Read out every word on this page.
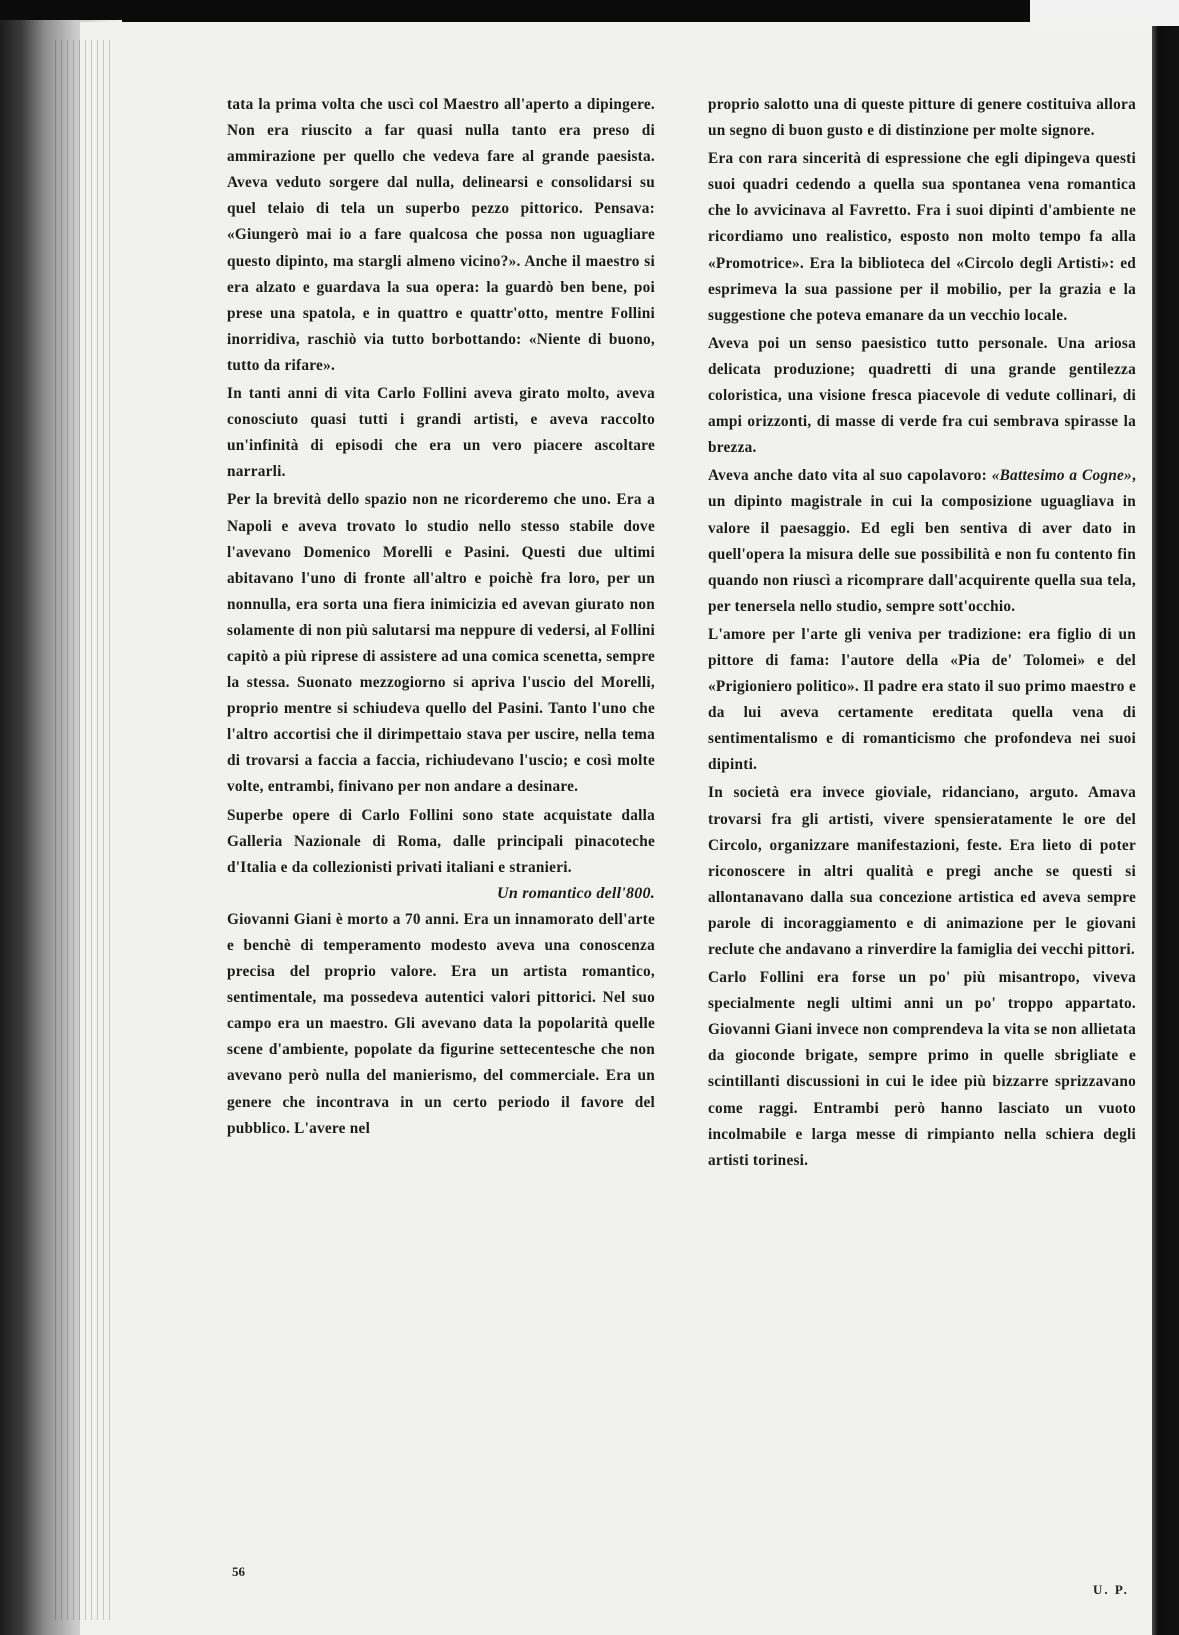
tata la prima volta che uscì col Maestro all'aperto a dipingere. Non era riuscito a far quasi nulla tanto era preso di ammirazione per quello che vedeva fare al grande paesista. Aveva veduto sorgere dal nulla, delinearsi e consolidarsi su quel telaio di tela un superbo pezzo pittorico. Pensava: «Giungerò mai io a fare qualcosa che possa non uguagliare questo dipinto, ma stargli almeno vicino?». Anche il maestro si era alzato e guardava la sua opera: la guardò ben bene, poi prese una spatola, e in quattro e quattr'otto, mentre Follini inorridiva, raschiò via tutto borbottando: «Niente di buono, tutto da rifare».

In tanti anni di vita Carlo Follini aveva girato molto, aveva conosciuto quasi tutti i grandi artisti, e aveva raccolto un'infinità di episodi che era un vero piacere ascoltare narrarli.

Per la brevità dello spazio non ne ricorderemo che uno. Era a Napoli e aveva trovato lo studio nello stesso stabile dove l'avevano Domenico Morelli e Pasini. Questi due ultimi abitavano l'uno di fronte all'altro e poichè fra loro, per un nonnulla, era sorta una fiera inimicizia ed avevan giurato non solamente di non più salutarsi ma neppure di vedersi, al Follini capitò a più riprese di assistere ad una comica scenetta, sempre la stessa. Suonato mezzogiorno si apriva l'uscio del Morelli, proprio mentre si schiudeva quello del Pasini. Tanto l'uno che l'altro accortisi che il dirimpettaio stava per uscire, nella tema di trovarsi a faccia a faccia, richiudevano l'uscio; e così molte volte, entrambi, finivano per non andare a desinare.

Superbe opere di Carlo Follini sono state acquistate dalla Galleria Nazionale di Roma, dalle principali pinacoteche d'Italia e da collezionisti privati italiani e stranieri.

Un romantico dell'800.

Giovanni Giani è morto a 70 anni. Era un innamorato dell'arte e benchè di temperamento modesto aveva una conoscenza precisa del proprio valore. Era un artista romantico, sentimentale, ma possedeva autentici valori pittorici. Nel suo campo era un maestro. Gli avevano data la popolarità quelle scene d'ambiente, popolate da figurine settecentesche che non avevano però nulla del manierismo, del commerciale. Era un genere che incontrava in un certo periodo il favore del pubblico. L'avere nel

proprio salotto una di queste pitture di genere costituiva allora un segno di buon gusto e di distinzione per molte signore.

Era con rara sincerità di espressione che egli dipingeva questi suoi quadri cedendo a quella sua spontanea vena romantica che lo avvicinava al Favretto. Fra i suoi dipinti d'ambiente ne ricordiamo uno realistico, esposto non molto tempo fa alla «Promotrice». Era la biblioteca del «Circolo degli Artisti»: ed esprimeva la sua passione per il mobilio, per la grazia e la suggestione che poteva emanare da un vecchio locale.

Aveva poi un senso paesistico tutto personale. Una ariosa delicata produzione; quadretti di una grande gentilezza coloristica, una visione fresca piacevole di vedute collinari, di ampi orizzonti, di masse di verde fra cui sembrava spirasse la brezza.

Aveva anche dato vita al suo capolavoro: «Battesimo a Cogne», un dipinto magistrale in cui la composizione uguagliava in valore il paesaggio. Ed egli ben sentiva di aver dato in quell'opera la misura delle sue possibilità e non fu contento fin quando non riuscì a ricomprare dall'acquirente quella sua tela, per tenersela nello studio, sempre sott'occhio.

L'amore per l'arte gli veniva per tradizione: era figlio di un pittore di fama: l'autore della «Pia de' Tolomei» e del «Prigioniero politico». Il padre era stato il suo primo maestro e da lui aveva certamente ereditata quella vena di sentimentalismo e di romanticismo che profondeva nei suoi dipinti.

In società era invece gioviale, ridanciano, arguto. Amava trovarsi fra gli artisti, vivere spensieratamente le ore del Circolo, organizzare manifestazioni, feste. Era lieto di poter riconoscere in altri qualità e pregi anche se questi si allontanavano dalla sua concezione artistica ed aveva sempre parole di incoraggiamento e di animazione per le giovani reclute che andavano a rinverdire la famiglia dei vecchi pittori.

Carlo Follini era forse un po' più misantropo, viveva specialmente negli ultimi anni un po' troppo appartato. Giovanni Giani invece non comprendeva la vita se non allietata da gioconde brigate, sempre primo in quelle sbrigliate e scintillanti discussioni in cui le idee più bizzarre sprizzavano come raggi. Entrambi però hanno lasciato un vuoto incolmabile e larga messe di rimpianto nella schiera degli artisti torinesi.

U. P.
56
